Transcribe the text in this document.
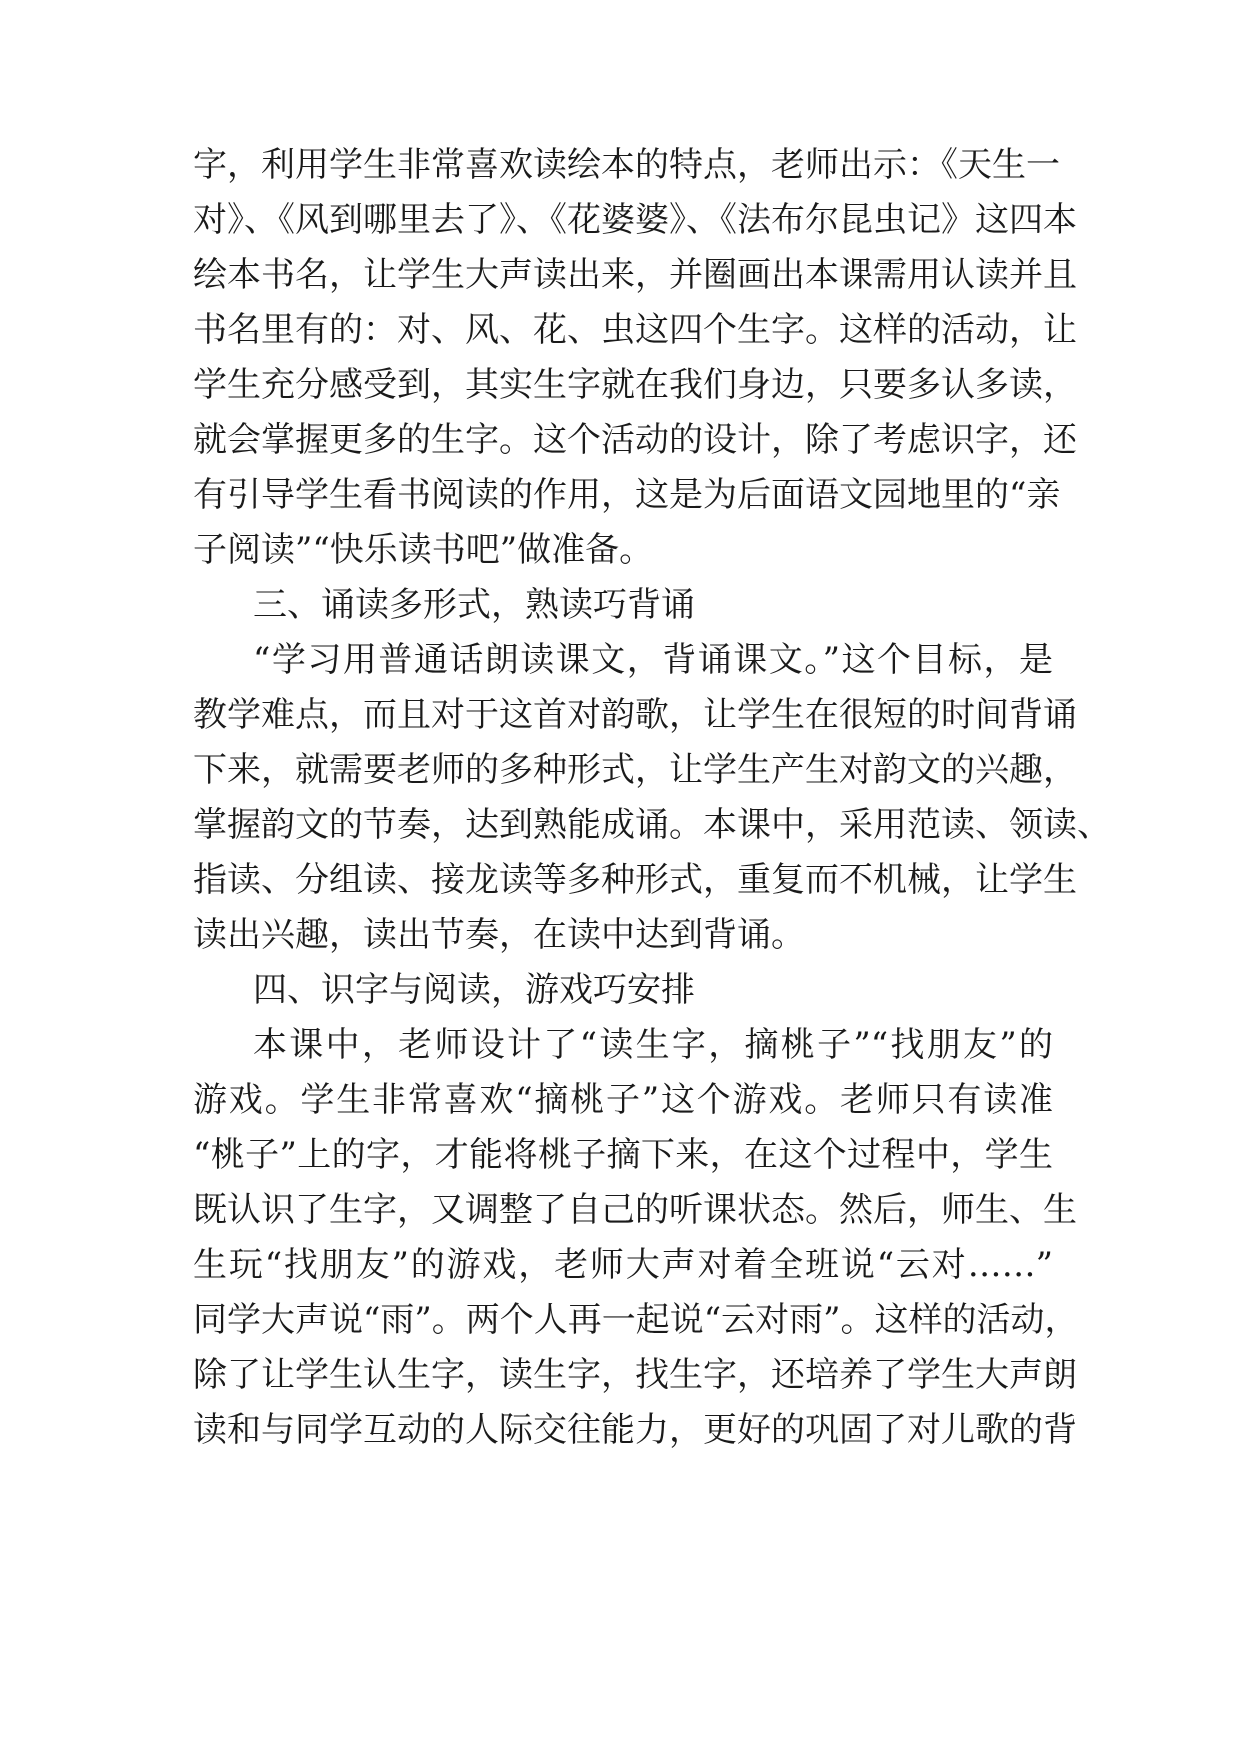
字，利用学生非常喜欢读绘本的特点，老师出示：《天生一
对》、《风到哪里去了》、《花婆婆》、《法布尔昆虫记》这四本
绘本书名，让学生大声读出来，并圈画出本课需用认读并且
书名里有的：对、风、花、虫这四个生字。这样的活动，让
学生充分感受到，其实生字就在我们身边，只要多认多读，
就会掌握更多的生字。这个活动的设计，除了考虑识字，还
有引导学生看书阅读的作用，这是为后面语文园地里的“亲
子阅读”“快乐读书吧”做准备。
三、诵读多形式，熟读巧背诵
“学习用普通话朗读课文，背诵课文。”这个目标，是
教学难点，而且对于这首对韵歌，让学生在很短的时间背诵
下来，就需要老师的多种形式，让学生产生对韵文的兴趣，
掌握韵文的节奏，达到熟能成诵。本课中，采用范读、领读、
指读、分组读、接龙读等多种形式，重复而不机械，让学生
读出兴趣，读出节奏，在读中达到背诵。
四、识字与阅读，游戏巧安排
本课中，老师设计了“读生字，摘桃子”“找朋友”的
游戏。学生非常喜欢“摘桃子”这个游戏。老师只有读准
“桃子”上的字，才能将桃子摘下来，在这个过程中，学生
既认识了生字，又调整了自己的听课状态。然后，师生、生
生玩“找朋友”的游戏，老师大声对着全班说“云对……”
同学大声说“雨”。两个人再一起说“云对雨”。这样的活动，
除了让学生认生字，读生字，找生字，还培养了学生大声朗
读和与同学互动的人际交往能力，更好的巩固了对儿歌的背
